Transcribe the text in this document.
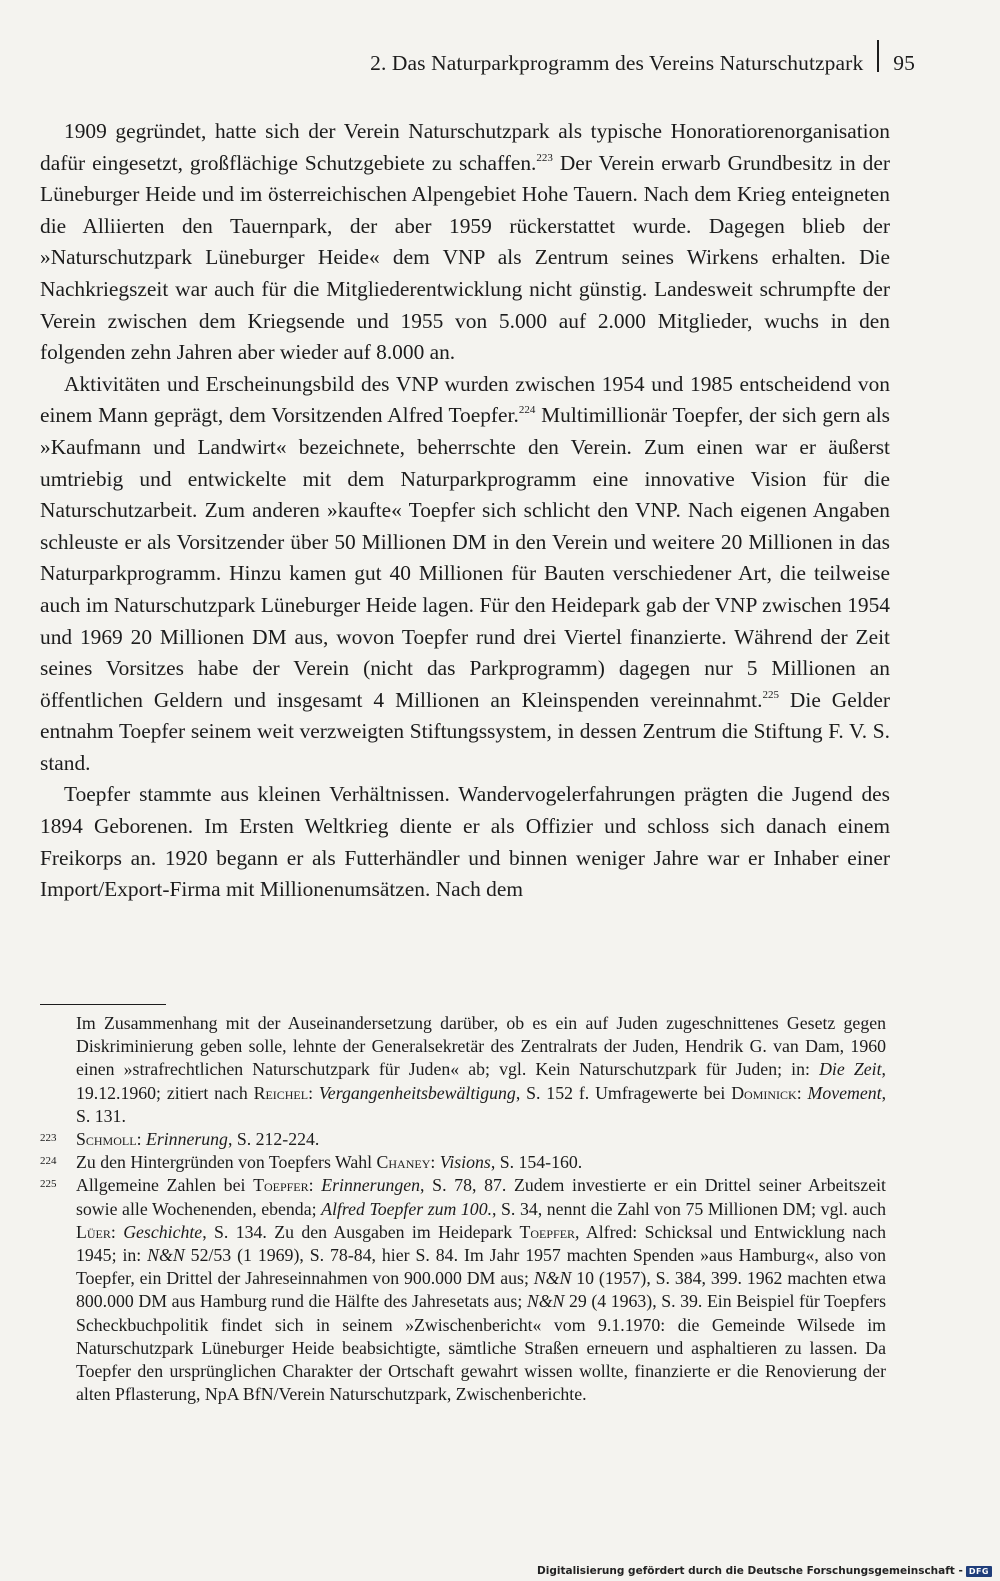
2. Das Naturparkprogramm des Vereins Naturschutzpark	95

1909 gegründet, hatte sich der Verein Naturschutzpark als typische Honoratiorenorganisation dafür eingesetzt, großflächige Schutzgebiete zu schaffen.$^{223}$ Der Verein erwarb Grundbesitz in der Lüneburger Heide und im österreichischen Alpengebiet Hohe Tauern. Nach dem Krieg enteigneten die Alliierten den Tauernpark, der aber 1959 rückerstattet wurde. Dagegen blieb der »Naturschutzpark Lüneburger Heide« dem VNP als Zentrum seines Wirkens erhalten. Die Nachkriegszeit war auch für die Mitgliederentwicklung nicht günstig. Landesweit schrumpfte der Verein zwischen dem Kriegsende und 1955 von 5.000 auf 2.000 Mitglieder, wuchs in den folgenden zehn Jahren aber wieder auf 8.000 an.

Aktivitäten und Erscheinungsbild des VNP wurden zwischen 1954 und 1985 entscheidend von einem Mann geprägt, dem Vorsitzenden Alfred Toepfer.$^{224}$ Multimillionär Toepfer, der sich gern als »Kaufmann und Landwirt« bezeichnete, beherrschte den Verein. Zum einen war er äußerst umtriebig und entwickelte mit dem Naturparkprogramm eine innovative Vision für die Naturschutzarbeit. Zum anderen »kaufte« Toepfer sich schlicht den VNP. Nach eigenen Angaben schleuste er als Vorsitzender über 50 Millionen DM in den Verein und weitere 20 Millionen in das Naturparkprogramm. Hinzu kamen gut 40 Millionen für Bauten verschiedener Art, die teilweise auch im Naturschutzpark Lüneburger Heide lagen. Für den Heidepark gab der VNP zwischen 1954 und 1969 20 Millionen DM aus, wovon Toepfer rund drei Viertel finanzierte. Während der Zeit seines Vorsitzes habe der Verein (nicht das Parkprogramm) dagegen nur 5 Millionen an öffentlichen Geldern und insgesamt 4 Millionen an Kleinspenden vereinnahmt.$^{225}$ Die Gelder entnahm Toepfer seinem weit verzweigten Stiftungssystem, in dessen Zentrum die Stiftung F. V. S. stand.

Toepfer stammte aus kleinen Verhältnissen. Wandervogelerfahrungen prägten die Jugend des 1894 Geborenen. Im Ersten Weltkrieg diente er als Offizier und schloss sich danach einem Freikorps an. 1920 begann er als Futterhändler und binnen weniger Jahre war er Inhaber einer Import/Export-Firma mit Millionenumsätzen. Nach dem

Im Zusammenhang mit der Auseinandersetzung darüber, ob es ein auf Juden zugeschnittenes Gesetz gegen Diskriminierung geben solle, lehnte der Generalsekretär des Zentralrats der Juden, Hendrik G. van Dam, 1960 einen »strafrechtlichen Naturschutzpark für Juden« ab; vgl. Kein Naturschutzpark für Juden; in: Die Zeit, 19.12.1960; zitiert nach Reichel: Vergangenheitsbewältigung, S. 152 f. Umfragewerte bei Dominick: Movement, S. 131.
223	Schmoll: Erinnerung, S. 212-224.
224	Zu den Hintergründen von Toepfers Wahl Chaney: Visions, S. 154-160.
225	Allgemeine Zahlen bei Toepfer: Erinnerungen, S. 78, 87. Zudem investierte er ein Drittel seiner Arbeitszeit sowie alle Wochenenden, ebenda; Alfred Toepfer zum 100., S. 34, nennt die Zahl von 75 Millionen DM; vgl. auch Lüer: Geschichte, S. 134. Zu den Ausgaben im Heidepark Toepfer, Alfred: Schicksal und Entwicklung nach 1945; in: N&N 52/53 (1 1969), S. 78-84, hier S. 84. Im Jahr 1957 machten Spenden »aus Hamburg«, also von Toepfer, ein Drittel der Jahreseinnahmen von 900.000 DM aus; N&N 10 (1957), S. 384, 399. 1962 machten etwa 800.000 DM aus Hamburg rund die Hälfte des Jahresetats aus; N&N 29 (4 1963), S. 39. Ein Beispiel für Toepfers Scheckbuchpolitik findet sich in seinem »Zwischenbericht« vom 9.1.1970: die Gemeinde Wilsede im Naturschutzpark Lüneburger Heide beabsichtigte, sämtliche Straßen erneuern und asphaltieren zu lassen. Da Toepfer den ursprünglichen Charakter der Ortschaft gewahrt wissen wollte, finanzierte er die Renovierung der alten Pflasterung, NpA BfN/Verein Naturschutzpark, Zwischenberichte.
Digitalisierung gefördert durch die Deutsche Forschungsgemeinschaft - DFG
